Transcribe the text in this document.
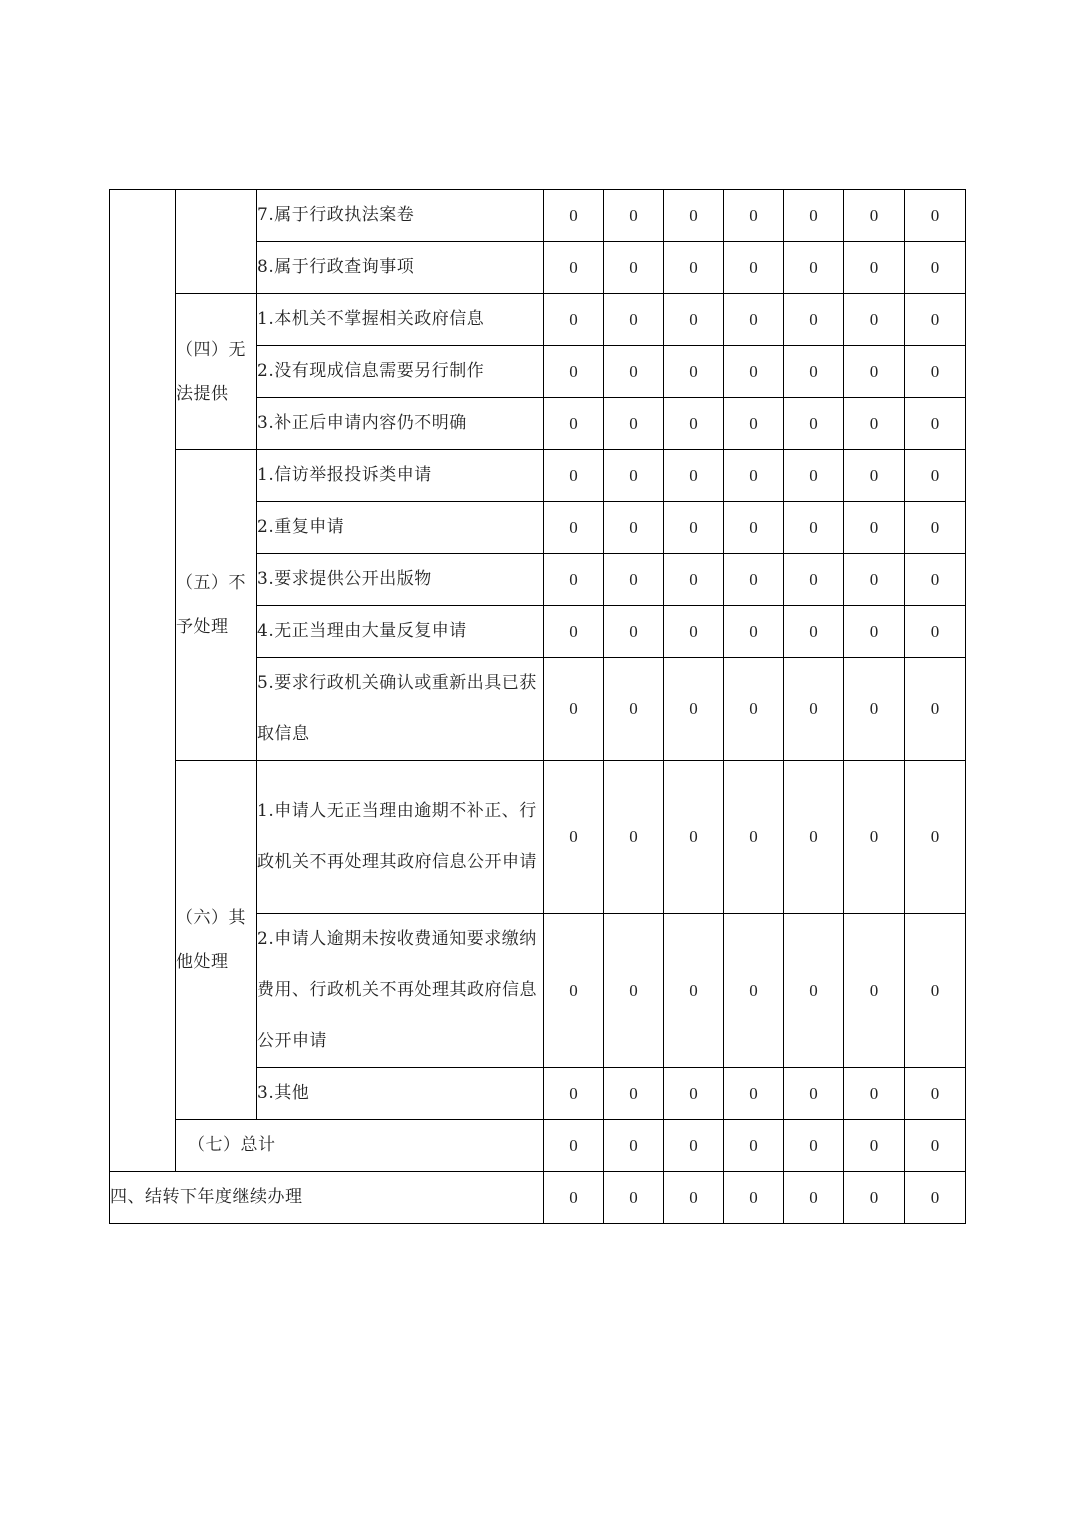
		7.属于行政执法案卷	0	0	0	0	0	0	0
		8.属于行政查询事项	0	0	0	0	0	0	0
	（四）无法提供	1.本机关不掌握相关政府信息	0	0	0	0	0	0	0
		2.没有现成信息需要另行制作	0	0	0	0	0	0	0
		3.补正后申请内容仍不明确	0	0	0	0	0	0	0
	（五）不予处理	1.信访举报投诉类申请	0	0	0	0	0	0	0
		2.重复申请	0	0	0	0	0	0	0
		3.要求提供公开出版物	0	0	0	0	0	0	0
		4.无正当理由大量反复申请	0	0	0	0	0	0	0
		5.要求行政机关确认或重新出具已获取信息	0	0	0	0	0	0	0
	（六）其他处理	1.申请人无正当理由逾期不补正、行政机关不再处理其政府信息公开申请	0	0	0	0	0	0	0
		2.申请人逾期未按收费通知要求缴纳费用、行政机关不再处理其政府信息公开申请	0	0	0	0	0	0	0
		3.其他	0	0	0	0	0	0	0
	（七）总计		0	0	0	0	0	0	0
四、结转下年度继续办理			0	0	0	0	0	0	0
